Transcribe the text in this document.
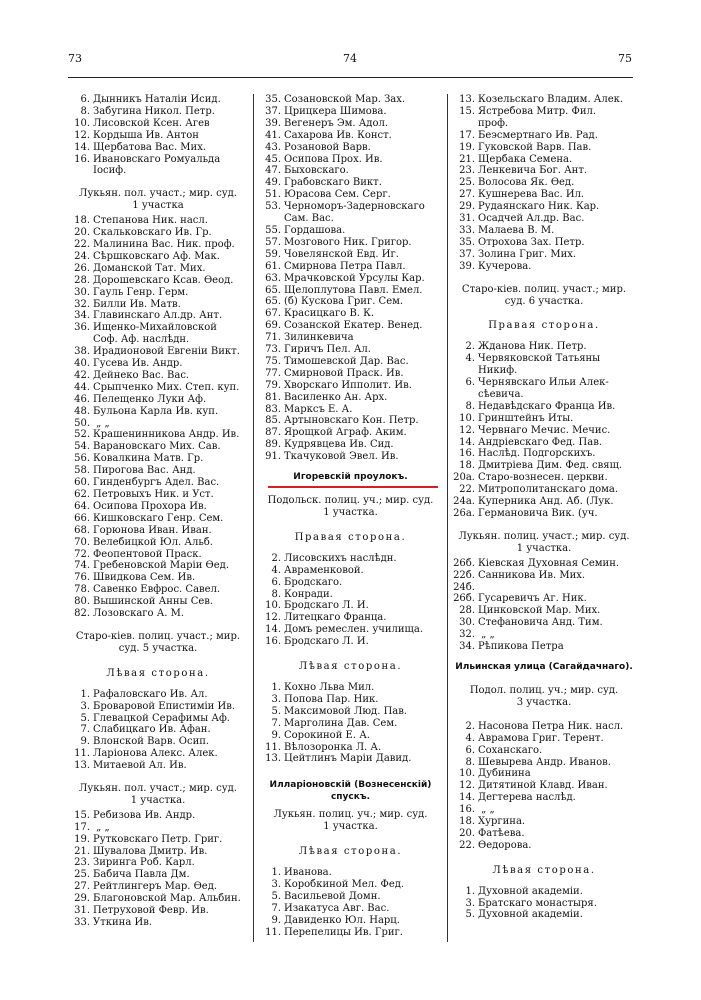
73	74	75
6. Дынникъ Наталiи Исид.
8. Забугина Никол. Петр.
10. Лисовской Ксен. Агев
12. Кордыша Ив. Антон
14. Щербатова Вас. Мих.
16. Ивановскаго Ромуальда
Iосиф.
Лукьян. пол. участ.; мир. суд.
1 участка
18. Степанова Ник. насл.
20. Скальковскаго Ив. Гр.
22. Малинина Вас. Ник. проф.
24. Сѣршковскаго Аф. Мак.
26. Доманской Тат. Мих.
28. Дорошевскаго Ксав. Ѳеод.
30. Гауль Генр. Герм.
32. Билли Ив. Матв.
34. Главинскаго Ал.др. Ант.
36. Ищенко-Михайловской
Соф. Аф. наслѣдн.
38. Ирадионовой Евгенiи Викт.
40. Гусева Ив. Андр.
42. Дейнеко Вас. Вас.
44. Срыпченко Мих. Степ. куп.
46. Пелещенко Луки Аф.
48. Бульона Карла Ив. куп.
50. „ „
52. Крашенинникова Андр. Ив.
54. Варановскаго Мих. Сав.
56. Ковалкина Матв. Гр.
58. Пирогова Вас. Анд.
60. Гинденбургъ Адел. Вас.
62. Петровыхъ Ник. и Уст.
64. Осипова Прохора Ив.
66. Кишковскаго Генр. Сем.
68. Горюнова Иван. Иван.
70. Велебицкой Юл. Альб.
72. Феопентовой Праск.
74. Гребеновской Марiи Ѳед.
76. Швидкова Сем. Ив.
78. Савенко Евфрос. Савел.
80. Вышинской Анны Сев.
82. Лозовскаго А. М.
Старо-кiев. полиц. участ.; мир.
суд. 5 участка.
Лѣвая сторона.
1. Рафаловскаго Ив. Ал.
3. Броваровой Епистимiи Ив.
5. Глевацкой Серафимы Аф.
7. Слабицкаго Ив. Афан.
9. Влонской Варв. Осип.
11. Ларiонова Алекс. Алек.
13. Митаевой Ал. Ив.
Лукьян. пол. участ.; мир. суд.
1 участка.
15. Ребизова Ив. Андр.
17. „ „
19. Рутковскаго Петр. Григ.
21. Шувалова Дмитр. Ив.
23. Зиринга Роб. Карл.
25. Бабича Павла Дм.
27. Рейтлингеръ Мар. Ѳед.
29. Благоновской Мар. Альбин.
31. Петруховой Февр. Ив.
33. Уткина Ив.
35. Созановской Мар. Зах.
37. Црицкера Шимова.
39. Вегенеръ Эм. Адол.
41. Сахарова Ив. Конст.
43. Розановой Варв.
45. Осипова Прох. Ив.
47. Быховскаго.
49. Грабовскаго Викт.
51. Юрасова Сем. Серг.
53. Черноморъ-Задерновскаго
Сам. Вас.
55. Гордашова.
57. Мозгового Ник. Григор.
59. Човелянской Евд. Иг.
61. Смирнова Петра Павл.
63. Мрачковской Урсулы Кар.
65. Щелоплутова Павл. Емел.
65. (б) Кускова Григ. Сем.
67. Красицкаго В. К.
69. Созанской Екатер. Венед.
71. Зилинкевича
73. Гиричъ Пел. Ал.
75. Тимошевской Дар. Вас.
77. Смирновой Праск. Ив.
79. Хворскаго Ипполит. Ив.
81. Василенко Ан. Арх.
83. Марксъ Е. А.
85. Артыновскаго Кон. Петр.
87. Ярощкой Аграф. Аким.
89. Кудрявцева Ив. Сид.
91. Ткачуковой Эвел. Ив.
Игоревскiй проулокъ.
Подольск. полиц. уч.; мир. суд.
1 участка.
Правая сторона.
2. Лисовскихъ наслѣдн.
4. Авраменковой.
6. Бродскаго.
8. Конради.
10. Бродскаго Л. И.
12. Литецкаго Франца.
14. Домъ ремеслен. училища.
16. Бродскаго Л. И.
Лѣвая сторона.
1. Кохно Льва Мил.
3. Попова Пар. Ник.
5. Максимовой Люд. Пав.
7. Марголина Дав. Сем.
9. Сорокиной Е. А.
11. Вѣлозоронка Л. А.
13. Цейтлинъ Марiи Давид.
Илларiоновскiй (Вознесенскiй)
спускъ.
Лукьян. полиц. уч.; мир. суд.
1 участка.
Лѣвая сторона.
1. Иванова.
3. Коробкиной Мел. Фед.
5. Васильевой Домн.
7. Изакатуса Авг. Вас.
9. Давиденко Юл. Нарц.
11. Перепелицы Ив. Григ.
13. Козельскаго Владим. Алек.
15. Ястребова Митр. Фил.
проф.
17. Беэсмертнаго Ив. Рад.
19. Гуковской Варв. Пав.
21. Щербака Семена.
23. Ленкевича Бог. Ант.
25. Волосова Як. Ѳед.
27. Кушнерева Вас. Ил.
29. Рудаянскаго Ник. Кар.
31. Осадчей Ал.др. Вас.
33. Малаева В. М.
35. Отрохова Зах. Петр.
37. Золина Григ. Мих.
39. Кучерова.
Старо-кiев. полиц. участ.; мир.
суд. 6 участка.
Правая сторона.
2. Жданова Ник. Петр.
4. Червяковской Татьяны
Никиф.
6. Чернявскаго Ильи Алек-
сѣевича.
8. Недавѣдскаго Франца Ив.
10. Гринштейнъ Иты.
12. Червнаго Мечис. Мечис.
14. Андрiевскаго Фед. Пав.
16. Наслѣд. Подгорскихъ.
18. Дмитрiева Дим. Фед. свящ.
20а. Старо-вознесен. церкви.
22. Митрополитанскаго дома.
24а. Куперника Анд. Аб. (Лук.
26а. Германовича Вик. (уч.
Лукьян. полиц. участ.; мир. суд.
1 участка.
26б. Кiевская Духовная Семин.
22б. Санникова Ив. Мих.
24б.
26б. Гусаревичъ Аг. Ник.
28. Цинковской Мар. Мих.
30. Стефановича Анд. Тим.
32. „ „
34. Рѣпикова Петра
Ильинская улица (Сагайдачнаго).
Подол. полиц. уч.; мир. суд.
3 участка.
2. Насонова Петра Ник. насл.
4. Аврамова Григ. Терент.
6. Соханскаго.
8. Шевырева Андр. Иванов.
10. Дубинина
12. Дитятиной Клавд. Иван.
14. Дегтерева наслѣд.
16. „ „
18. Хургина.
20. Фатѣева.
22. Ѳедорова.
Лѣвая сторона.
1. Духовной академiи.
3. Братскаго монастыря.
5. Духовной академiи.
